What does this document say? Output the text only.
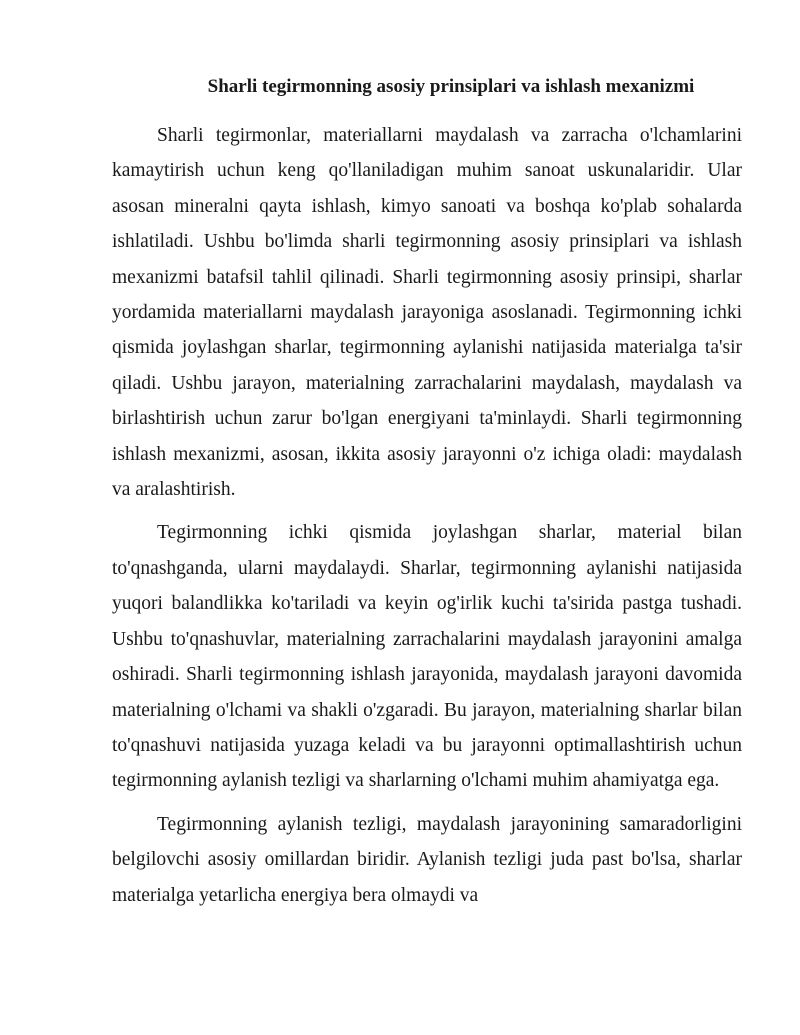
Sharli tegirmonning asosiy prinsiplari va ishlash mexanizmi

Sharli tegirmonlar, materiallarni maydalash va zarracha o'lchamlarini kamaytirish uchun keng qo'llaniladigan muhim sanoat uskunalaridir. Ular asosan mineralni qayta ishlash, kimyo sanoati va boshqa ko'plab sohalarda ishlatiladi. Ushbu bo'limda sharli tegirmonning asosiy prinsiplari va ishlash mexanizmi batafsil tahlil qilinadi. Sharli tegirmonning asosiy prinsipi, sharlar yordamida materiallarni maydalash jarayoniga asoslanadi. Tegirmonning ichki qismida joylashgan sharlar, tegirmonning aylanishi natijasida materialga ta'sir qiladi. Ushbu jarayon, materialning zarrachalarini maydalash, maydalash va birlashtirish uchun zarur bo'lgan energiyani ta'minlaydi. Sharli tegirmonning ishlash mexanizmi, asosan, ikkita asosiy jarayonni o'z ichiga oladi: maydalash va aralashtirish.

Tegirmonning ichki qismida joylashgan sharlar, material bilan to'qnashganda, ularni maydalaydi. Sharlar, tegirmonning aylanishi natijasida yuqori balandlikka ko'tariladi va keyin og'irlik kuchi ta'sirida pastga tushadi. Ushbu to'qnashuvlar, materialning zarrachalarini maydalash jarayonini amalga oshiradi. Sharli tegirmonning ishlash jarayonida, maydalash jarayoni davomida materialning o'lchami va shakli o'zgaradi. Bu jarayon, materialning sharlar bilan to'qnashuvi natijasida yuzaga keladi va bu jarayonni optimallashtirish uchun tegirmonning aylanish tezligi va sharlarning o'lchami muhim ahamiyatga ega.

Tegirmonning aylanish tezligi, maydalash jarayonining samaradorligini belgilovchi asosiy omillardan biridir. Aylanish tezligi juda past bo'lsa, sharlar materialga yetarlicha energiya bera olmaydi va
